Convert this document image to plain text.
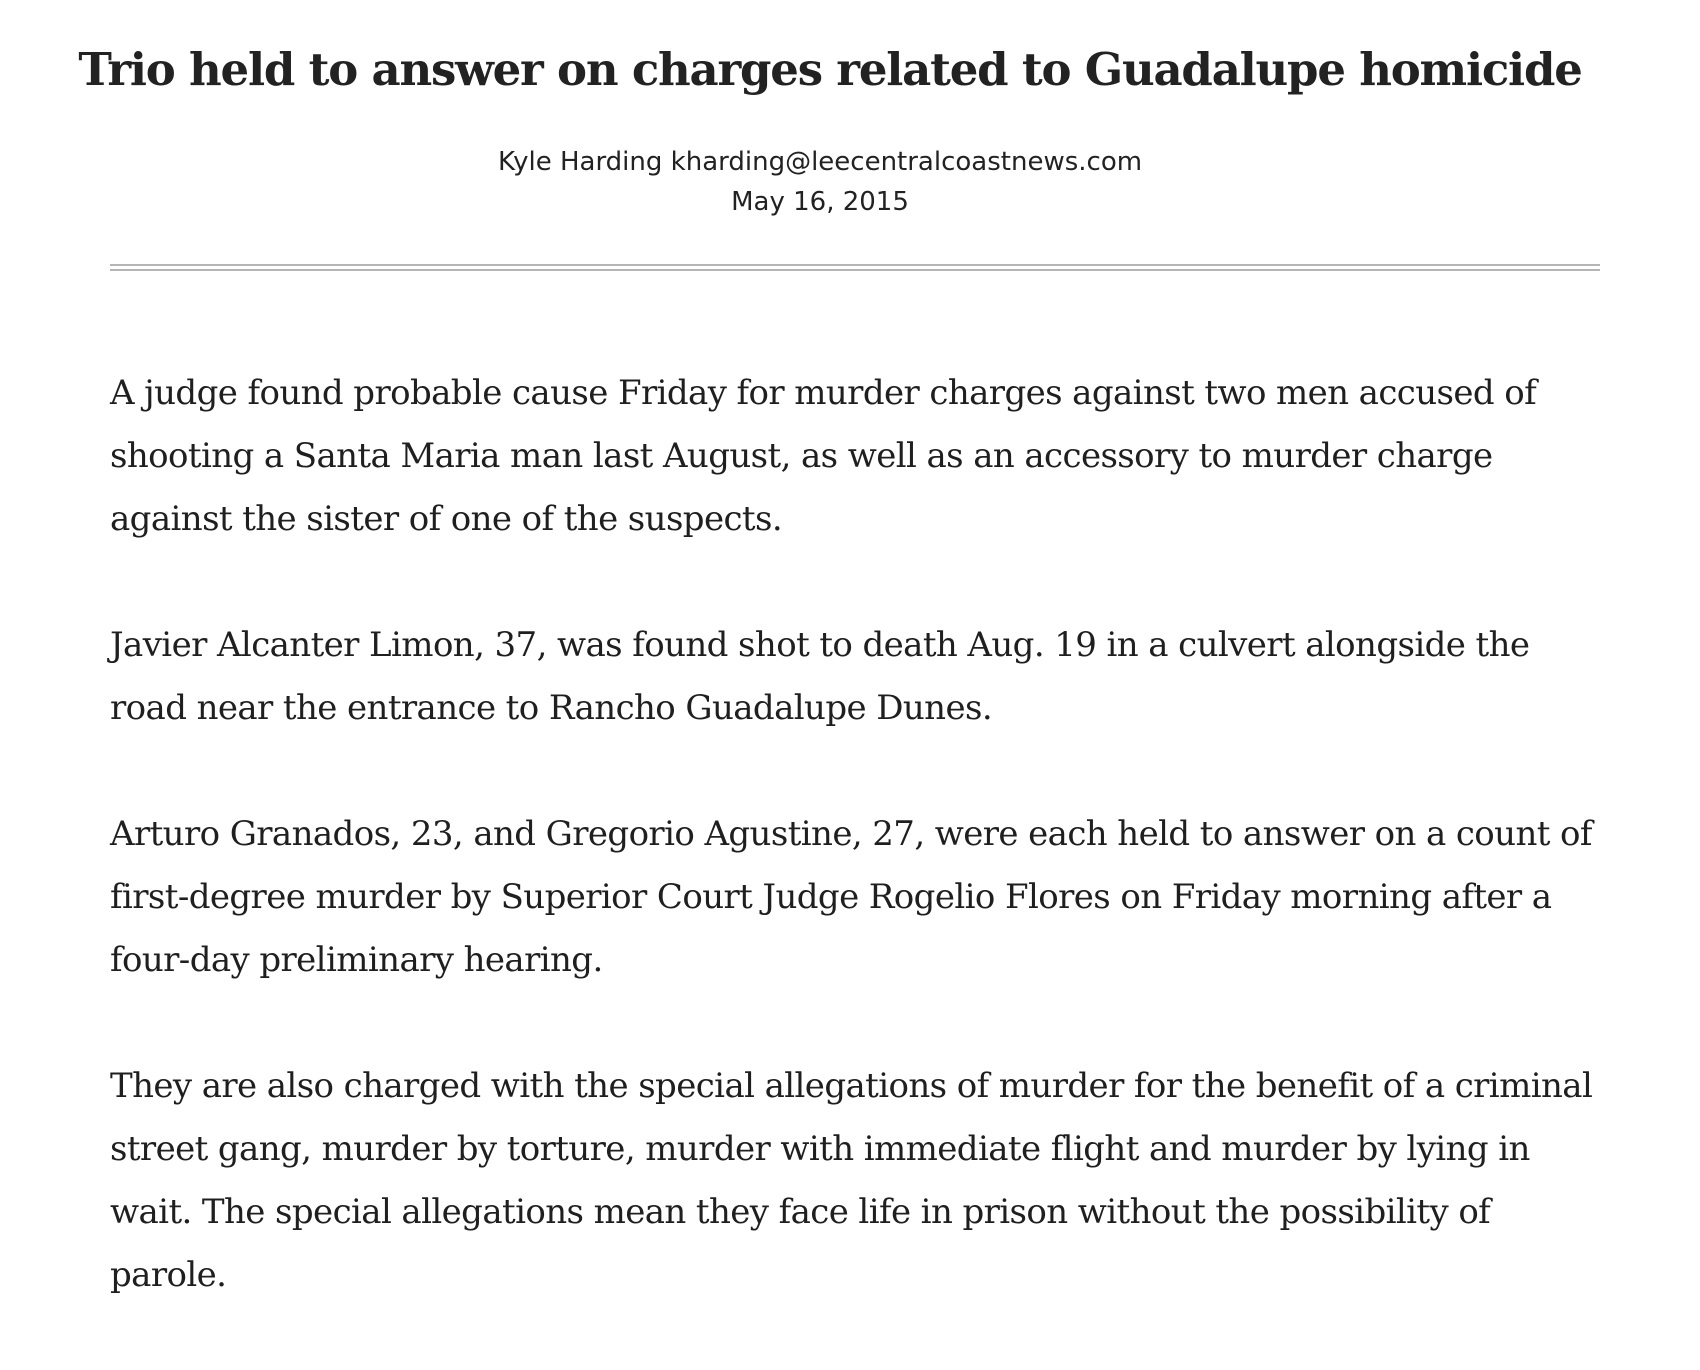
Trio held to answer on charges related to Guadalupe homicide

Kyle Harding kharding@leecentralcoastnews.com

May 16, 2015

A judge found probable cause Friday for murder charges against two men accused of shooting a Santa Maria man last August, as well as an accessory to murder charge against the sister of one of the suspects.

Javier Alcanter Limon, 37, was found shot to death Aug. 19 in a culvert alongside the road near the entrance to Rancho Guadalupe Dunes.

Arturo Granados, 23, and Gregorio Agustine, 27, were each held to answer on a count of first-degree murder by Superior Court Judge Rogelio Flores on Friday morning after a four-day preliminary hearing.

They are also charged with the special allegations of murder for the benefit of a criminal street gang, murder by torture, murder with immediate flight and murder by lying in wait. The special allegations mean they face life in prison without the possibility of parole.
